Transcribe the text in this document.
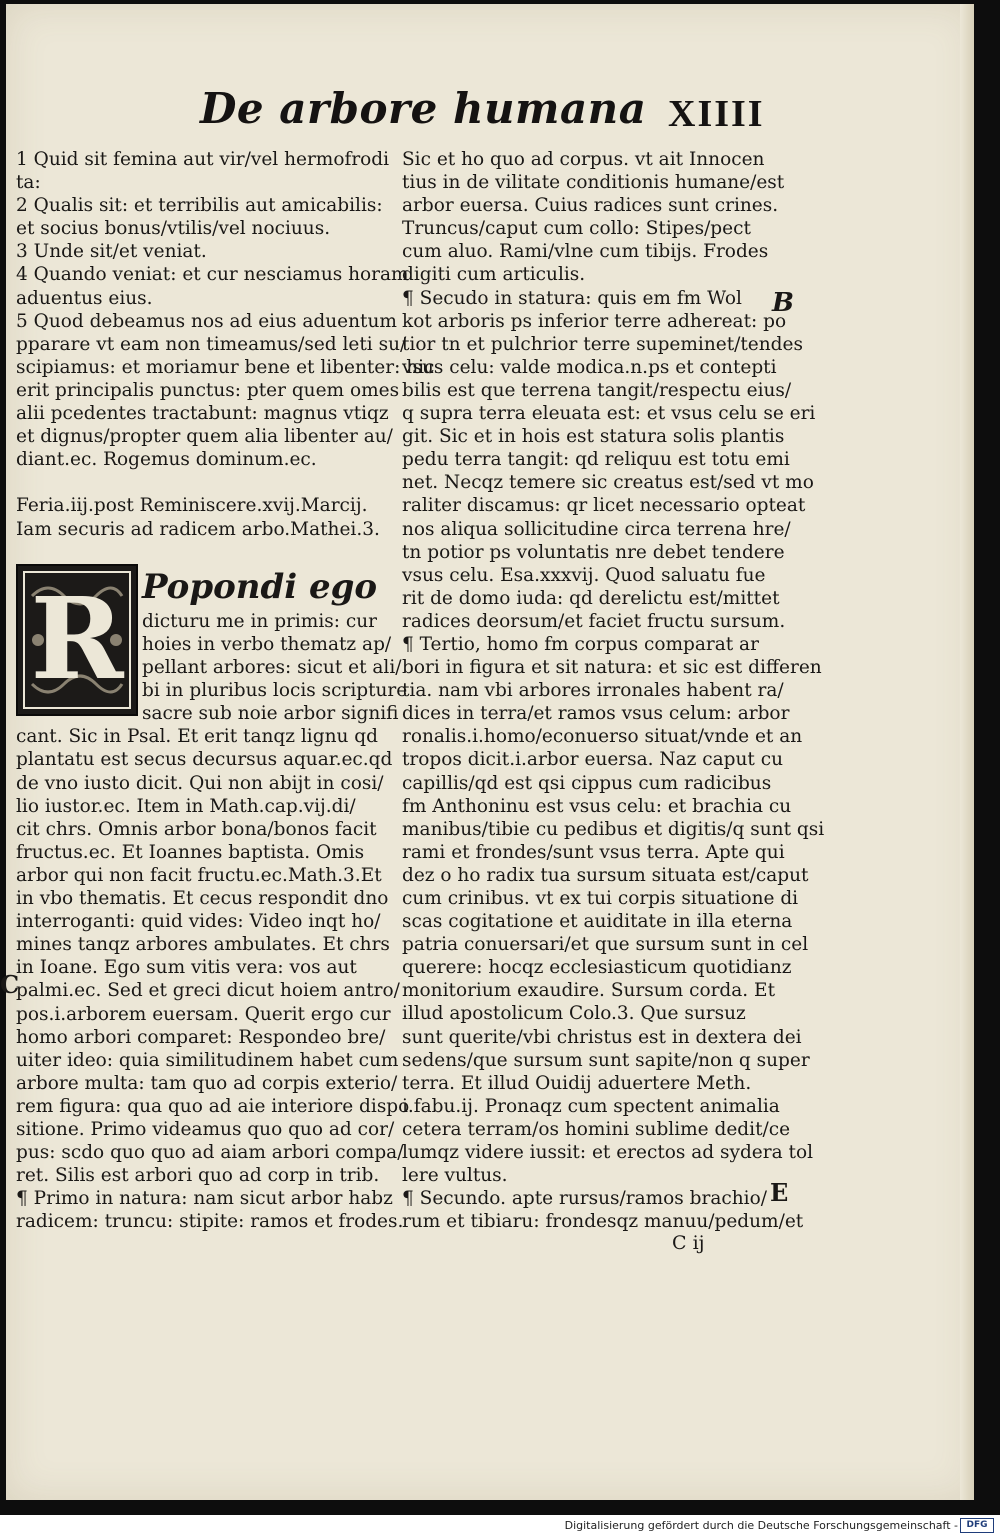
De arbore humana XIIII
1 Quid sit femina aut vir/vel hermofrodi
ta:
2 Qualis sit: et terribilis aut amicabilis:
et socius bonus/vtilis/vel nociuus.
3 Unde sit/et veniat.
4 Quando veniat: et cur nesciamus horam
aduentus eius.
5 Quod debeamus nos ad eius aduentum
pparare vt eam non timeamus/sed leti su/
scipiamus: et moriamur bene et libenter: hic
erit principalis punctus: pter quem omes
alii pcedentes tractabunt: magnus vtiqz
et dignus/propter quem alia libenter au/
diant.ec. Rogemus dominum.ec.
Feria.iij.post Reminiscere.xvij.Marcij.
Iam securis ad radicem arbo.Mathei.3.
R Popondi ego
dicturu me in primis: cur
hoies in verbo thematz ap/
pellant arbores: sicut et ali/
bi in pluribus locis scripture
sacre sub noie arbor signifi
cant. Sic in Psal. Et erit tanqz lignu qd
plantatu est secus decursus aquar.ec.qd
de vno iusto dicit. Qui non abijt in cosi/
lio iustor.ec. Item in Math.cap.vij.di/
cit chrs. Omnis arbor bona/bonos facit
fructus.ec. Et Ioannes baptista. Omis
arbor qui non facit fructu.ec.Math.3.Et
in vbo thematis. Et cecus respondit dno
interroganti: quid vides: Video inqt ho/
mines tanqz arbores ambulates. Et chrs
in Ioane. Ego sum vitis vera: vos aut
palmi.ec. Sed et greci dicut hoiem antro/
pos.i.arborem euersam. Querit ergo cur
homo arbori comparet: Respondeo bre/
uiter ideo: quia similitudinem habet cum
arbore multa: tam quo ad corpis exterio/
rem figura: qua quo ad aie interiore dispo
sitione. Primo videamus quo quo ad cor/
pus: scdo quo quo ad aiam arbori compa/
ret. Silis est arbori quo ad corp in trib.
¶ Primo in natura: nam sicut arbor habz
radicem: truncu: stipite: ramos et frodes.
Sic et ho quo ad corpus. vt ait Innocen
tius in de vilitate conditionis humane/est
arbor euersa. Cuius radices sunt crines.
Truncus/caput cum collo: Stipes/pect
cum aluo. Rami/vlne cum tibijs. Frodes
digiti cum articulis.
¶ Secudo in statura: quis em fm Wol
kot arboris ps inferior terre adhereat: po
tior tn et pulchrior terre supeminet/tendes
vsus celu: valde modica.n.ps et contepti
bilis est que terrena tangit/respectu eius/
q supra terra eleuata est: et vsus celu se eri
git. Sic et in hois est statura solis plantis
pedu terra tangit: qd reliquu est totu emi
net. Necqz temere sic creatus est/sed vt mo
raliter discamus: qr licet necessario opteat
nos aliqua sollicitudine circa terrena hre/
tn potior ps voluntatis nre debet tendere
vsus celu. Esa.xxxvij. Quod saluatu fue
rit de domo iuda: qd derelictu est/mittet
radices deorsum/et faciet fructu sursum.
¶ Tertio, homo fm corpus comparat ar
bori in figura et sit natura: et sic est differen
tia. nam vbi arbores irronales habent ra/
dices in terra/et ramos vsus celum: arbor
ronalis.i.homo/econuerso situat/vnde et an
tropos dicit.i.arbor euersa. Naz caput cu
capillis/qd est qsi cippus cum radicibus
fm Anthoninu est vsus celu: et brachia cu
manibus/tibie cu pedibus et digitis/q sunt qsi
rami et frondes/sunt vsus terra. Apte qui
dez o ho radix tua sursum situata est/caput
cum crinibus. vt ex tui corpis situatione di
scas cogitatione et auiditate in illa eterna
patria conuersari/et que sursum sunt in cel
querere: hocqz ecclesiasticum quotidianz
monitorium exaudire. Sursum corda. Et
illud apostolicum Colo.3. Que sursuz
sunt querite/vbi christus est in dextera dei
sedens/que sursum sunt sapite/non q super
terra. Et illud Ouidij aduertere Meth.
i.fabu.ij. Pronaqz cum spectent animalia
cetera terram/os homini sublime dedit/ce
lumqz videre iussit: et erectos ad sydera tol
lere vultus.
¶ Secundo. apte rursus/ramos brachio/
rum et tibiaru: frondesqz manuu/pedum/et
B
C
E
C ij
Digitalisierung gefördert durch die Deutsche Forschungsgemeinschaft - DFG
